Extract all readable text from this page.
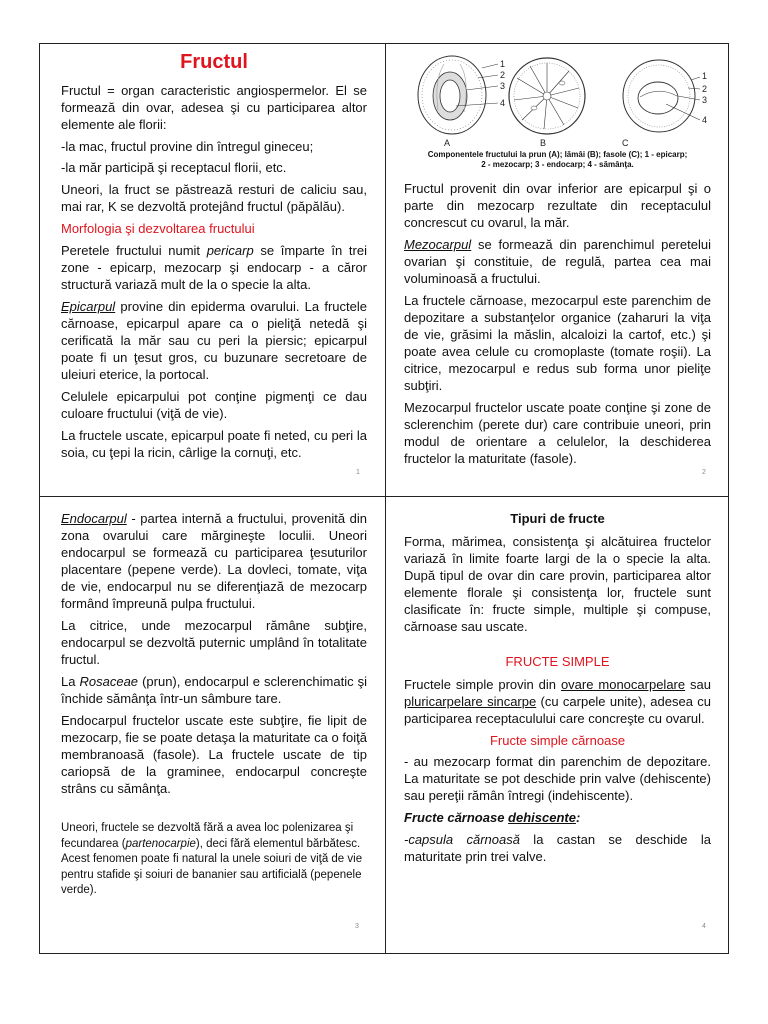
Fructul

Fructul = organ caracteristic angiospermelor. El se formează din ovar, adesea şi cu participarea altor elemente ale florii:

-la mac, fructul provine din întregul gineceu;

-la măr participă şi receptacul florii, etc.

Uneori, la fruct se păstrează resturi de caliciu sau, mai rar, K se dezvoltă protejând fructul (păpălău).

Morfologia şi dezvoltarea fructului

Peretele fructului numit pericarp se împarte în trei zone - epicarp, mezocarp şi endocarp - a căror structură variază mult de la o specie la alta.

Epicarpul provine din epiderma ovarului. La fructele cărnoase, epicarpul apare ca o pieliţă netedă şi cerificată la măr sau cu peri la piersic; epicarpul poate fi un ţesut gros, cu buzunare secretoare de uleiuri eterice, la portocal.

Celulele epicarpului pot conţine pigmenţi ce dau culoare fructului (viţă de vie).

La fructele uscate, epicarpul poate fi neted, cu peri la soia, cu ţepi la ricin, cârlige la cornuţi, etc.

1
1
2
3
4
A	B	C
1
2
3
4
Componentele fructului la prun (A); lămâi (B); fasole (C); 1 - epicarp;
2 - mezocarp; 3 - endocarp; 4 - sămânţa.

Fructul provenit din ovar inferior are epicarpul şi o parte din mezocarp rezultate din receptaculul concrescut cu ovarul, la măr.

Mezocarpul se formează din parenchimul peretelui ovarian şi constituie, de regulă, partea cea mai voluminoasă a fructului.

La fructele cărnoase, mezocarpul este parenchim de depozitare a substanţelor organice (zaharuri la viţa de vie, grăsimi la măslin, alcaloizi la cartof, etc.) şi poate avea celule cu cromoplaste (tomate roşii). La citrice, mezocarpul e redus sub forma unor pieliţe subţiri.

Mezocarpul fructelor uscate poate conţine şi zone de sclerenchim (perete dur) care contribuie uneori, prin modul de orientare a celulelor, la deschiderea fructelor la maturitate (fasole).

2

Endocarpul - partea internă a fructului, provenită din zona ovarului care mărgineşte loculii. Uneori endocarpul se formează cu participarea ţesuturilor placentare (pepene verde). La dovleci, tomate, viţa de vie, endocarpul nu se diferenţiază de mezocarp formând împreună pulpa fructului.

La citrice, unde mezocarpul rămâne subţire, endocarpul se dezvoltă puternic umplând în totalitate fructul.

La Rosaceae (prun), endocarpul e sclerenchimatic şi închide sămânţa într-un sâmbure tare.

Endocarpul fructelor uscate este subţire, fie lipit de mezocarp, fie se poate detaşa la maturitate ca o foiţă membranoasă (fasole). La fructele uscate de tip cariopsă de la graminee, endocarpul concreşte strâns cu sămânţa.

Uneori, fructele se dezvoltă fără a avea loc polenizarea şi fecundarea (partenocarpie), deci fără elementul bărbătesc. Acest fenomen poate fi natural la unele soiuri de viţă de vie pentru stafide şi soiuri de bananier sau artificială (pepenele verde).

3
Tipuri de fructe

Forma, mărimea, consistenţa şi alcătuirea fructelor variază în limite foarte largi de la o specie la alta. După tipul de ovar din care provin, participarea altor elemente florale şi consistenţa lor, fructele sunt clasificate în: fructe simple, multiple şi compuse, cărnoase sau uscate.

FRUCTE SIMPLE

Fructele simple provin din ovare monocarpelare sau pluricarpelare sincarpe (cu carpele unite), adesea cu participarea receptaculului care concreşte cu ovarul.

Fructe simple cărnoase

- au mezocarp format din parenchim de depozitare. La maturitate se pot deschide prin valve (dehiscente) sau pereţii rămân întregi (indehiscente).

Fructe cărnoase dehiscente:

-capsula cărnoasă la castan se deschide la maturitate prin trei valve.

4
